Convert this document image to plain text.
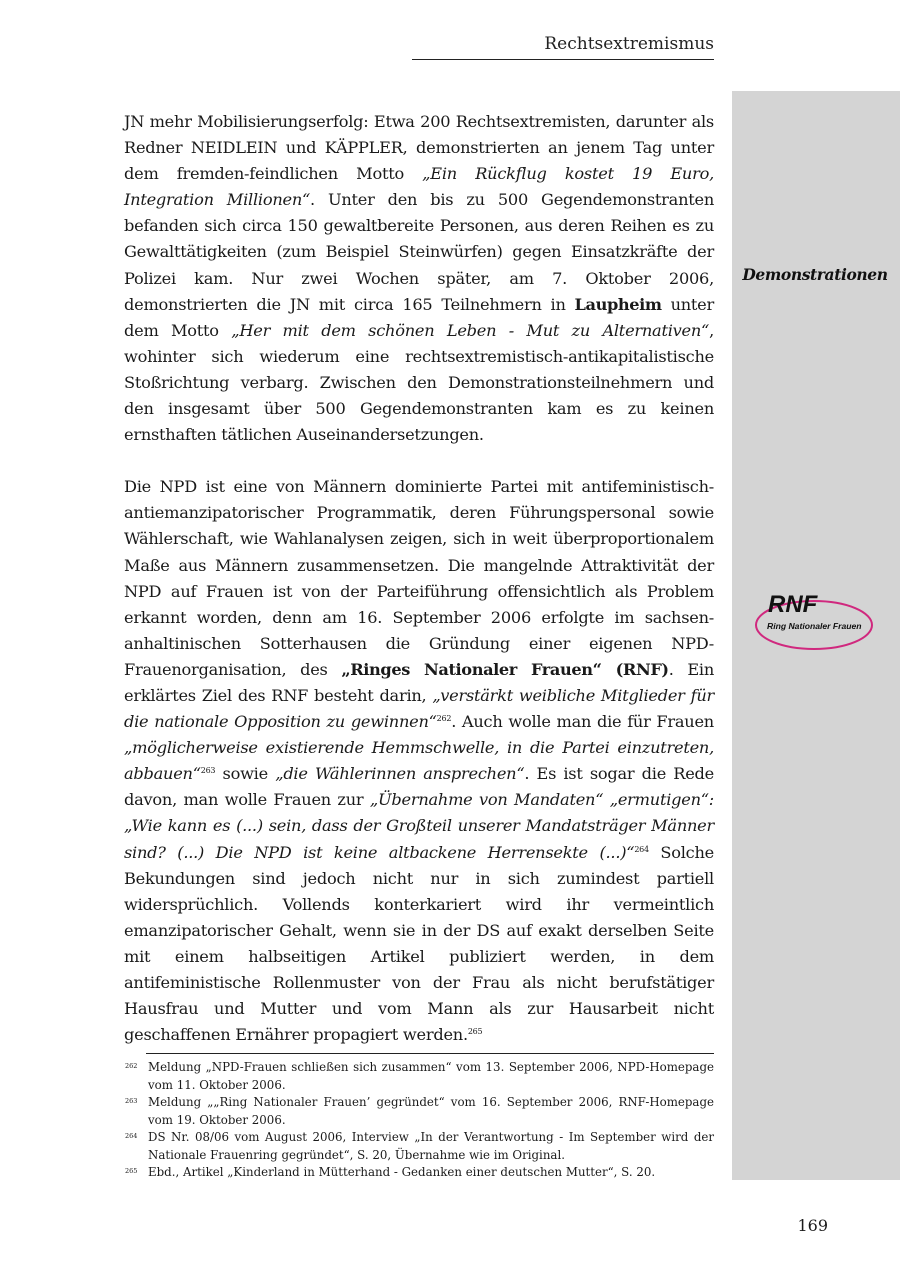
Rechtsextremismus
Demonstrationen
RNF
Ring Nationaler Frauen

JN mehr Mobilisierungserfolg: Etwa 200 Rechtsextremisten, darunter als Redner NEIDLEIN und KÄPPLER, demonstrierten an jenem Tag unter dem fremden-feindlichen Motto „Ein Rückflug kostet 19 Euro, Integration Millionen“. Unter den bis zu 500 Gegendemonstranten befanden sich circa 150 gewaltbereite Personen, aus deren Reihen es zu Gewalttätigkeiten (zum Beispiel Steinwürfen) gegen Einsatzkräfte der Polizei kam. Nur zwei Wochen später, am 7. Oktober 2006, demonstrierten die JN mit circa 165 Teilnehmern in Laupheim unter dem Motto „Her mit dem schönen Leben - Mut zu Alternativen“, wohinter sich wiederum eine rechtsextremistisch-antikapitalistische Stoßrichtung verbarg. Zwischen den Demonstrationsteilnehmern und den insgesamt über 500 Gegendemonstranten kam es zu keinen ernsthaften tätlichen Auseinandersetzungen.

Die NPD ist eine von Männern dominierte Partei mit antifeministisch-antiemanzipatorischer Programmatik, deren Führungspersonal sowie Wählerschaft, wie Wahlanalysen zeigen, sich in weit überproportionalem Maße aus Männern zusammensetzen. Die mangelnde Attraktivität der NPD auf Frauen ist von der Parteiführung offensichtlich als Problem erkannt worden, denn am 16. September 2006 erfolgte im sachsen-anhaltinischen Sotterhausen die Gründung einer eigenen NPD-Frauenorganisation, des „Ringes Nationaler Frauen“ (RNF). Ein erklärtes Ziel des RNF besteht darin, „verstärkt weibliche Mitglieder für die nationale Opposition zu gewinnen“$^{262}$. Auch wolle man die für Frauen „möglicherweise existierende Hemmschwelle, in die Partei einzutreten, abbauen“$^{263}$ sowie „die Wählerinnen ansprechen“. Es ist sogar die Rede davon, man wolle Frauen zur „Übernahme von Mandaten“ „ermutigen“: „Wie kann es (...) sein, dass der Großteil unserer Mandatsträger Männer sind? (...) Die NPD ist keine altbackene Herrensekte (...)“$^{264}$ Solche Bekundungen sind jedoch nicht nur in sich zumindest partiell widersprüchlich. Vollends konterkariert wird ihr vermeintlich emanzipatorischer Gehalt, wenn sie in der DS auf exakt derselben Seite mit einem halbseitigen Artikel publiziert werden, in dem antifeministische Rollenmuster von der Frau als nicht berufstätiger Hausfrau und Mutter und vom Mann als zur Hausarbeit nicht geschaffenen Ernährer propagiert werden.$^{265}$

262 Meldung „NPD-Frauen schließen sich zusammen“ vom 13. September 2006, NPD-Homepage vom 11. Oktober 2006.
263 Meldung „„Ring Nationaler Frauen’ gegründet“ vom 16. September 2006, RNF-Homepage vom 19. Oktober 2006.
264 DS Nr. 08/06 vom August 2006, Interview „In der Verantwortung - Im September wird der Nationale Frauenring gegründet“, S. 20, Übernahme wie im Original.
265 Ebd., Artikel „Kinderland in Mütterhand - Gedanken einer deutschen Mutter“, S. 20.
169
